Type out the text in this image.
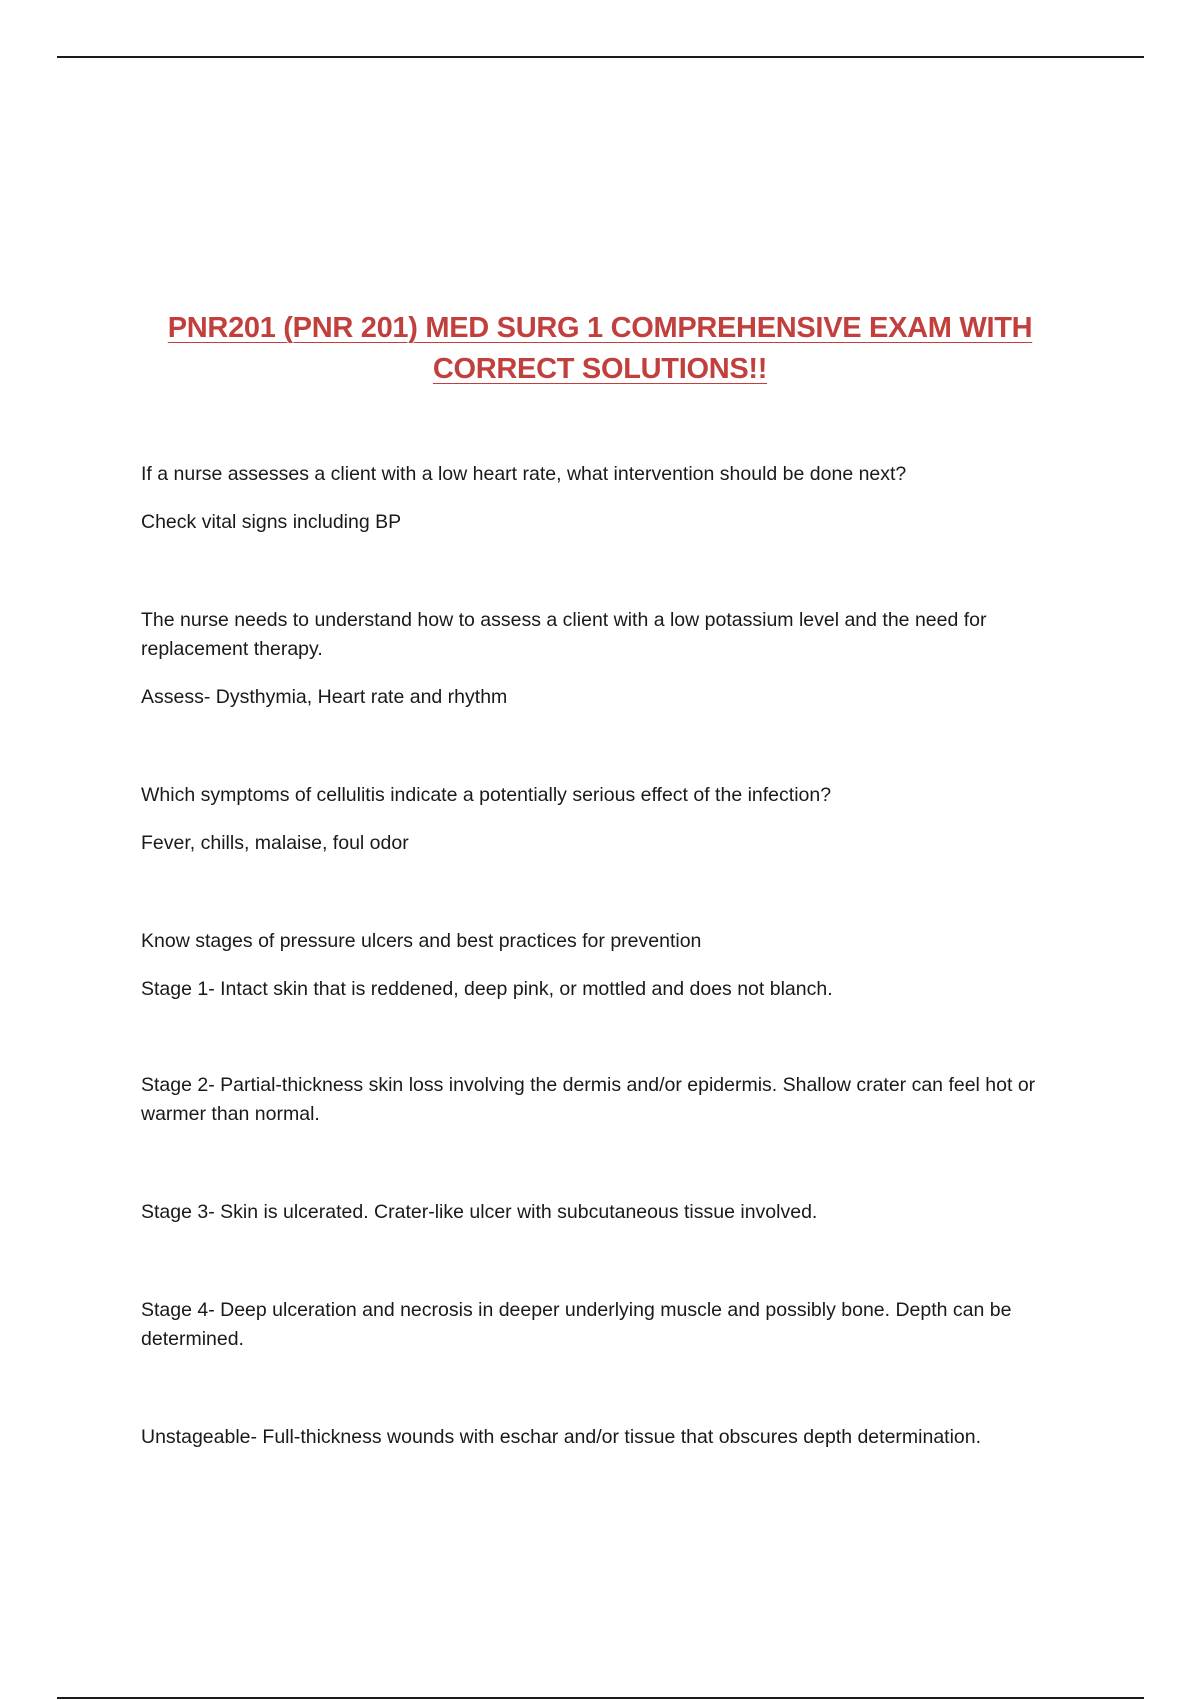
PNR201 (PNR 201) MED SURG 1 COMPREHENSIVE EXAM WITH CORRECT SOLUTIONS!!

If a nurse assesses a client with a low heart rate, what intervention should be done next?

Check vital signs including BP

The nurse needs to understand how to assess a client with a low potassium level and the need for replacement therapy.

Assess- Dysthymia, Heart rate and rhythm

Which symptoms of cellulitis indicate a potentially serious effect of the infection?

Fever, chills, malaise, foul odor

Know stages of pressure ulcers and best practices for prevention

Stage 1- Intact skin that is reddened, deep pink, or mottled and does not blanch.

Stage 2- Partial-thickness skin loss involving the dermis and/or epidermis. Shallow crater can feel hot or warmer than normal.

Stage 3- Skin is ulcerated. Crater-like ulcer with subcutaneous tissue involved.

Stage 4- Deep ulceration and necrosis in deeper underlying muscle and possibly bone. Depth can be determined.

Unstageable- Full-thickness wounds with eschar and/or tissue that obscures depth determination.
